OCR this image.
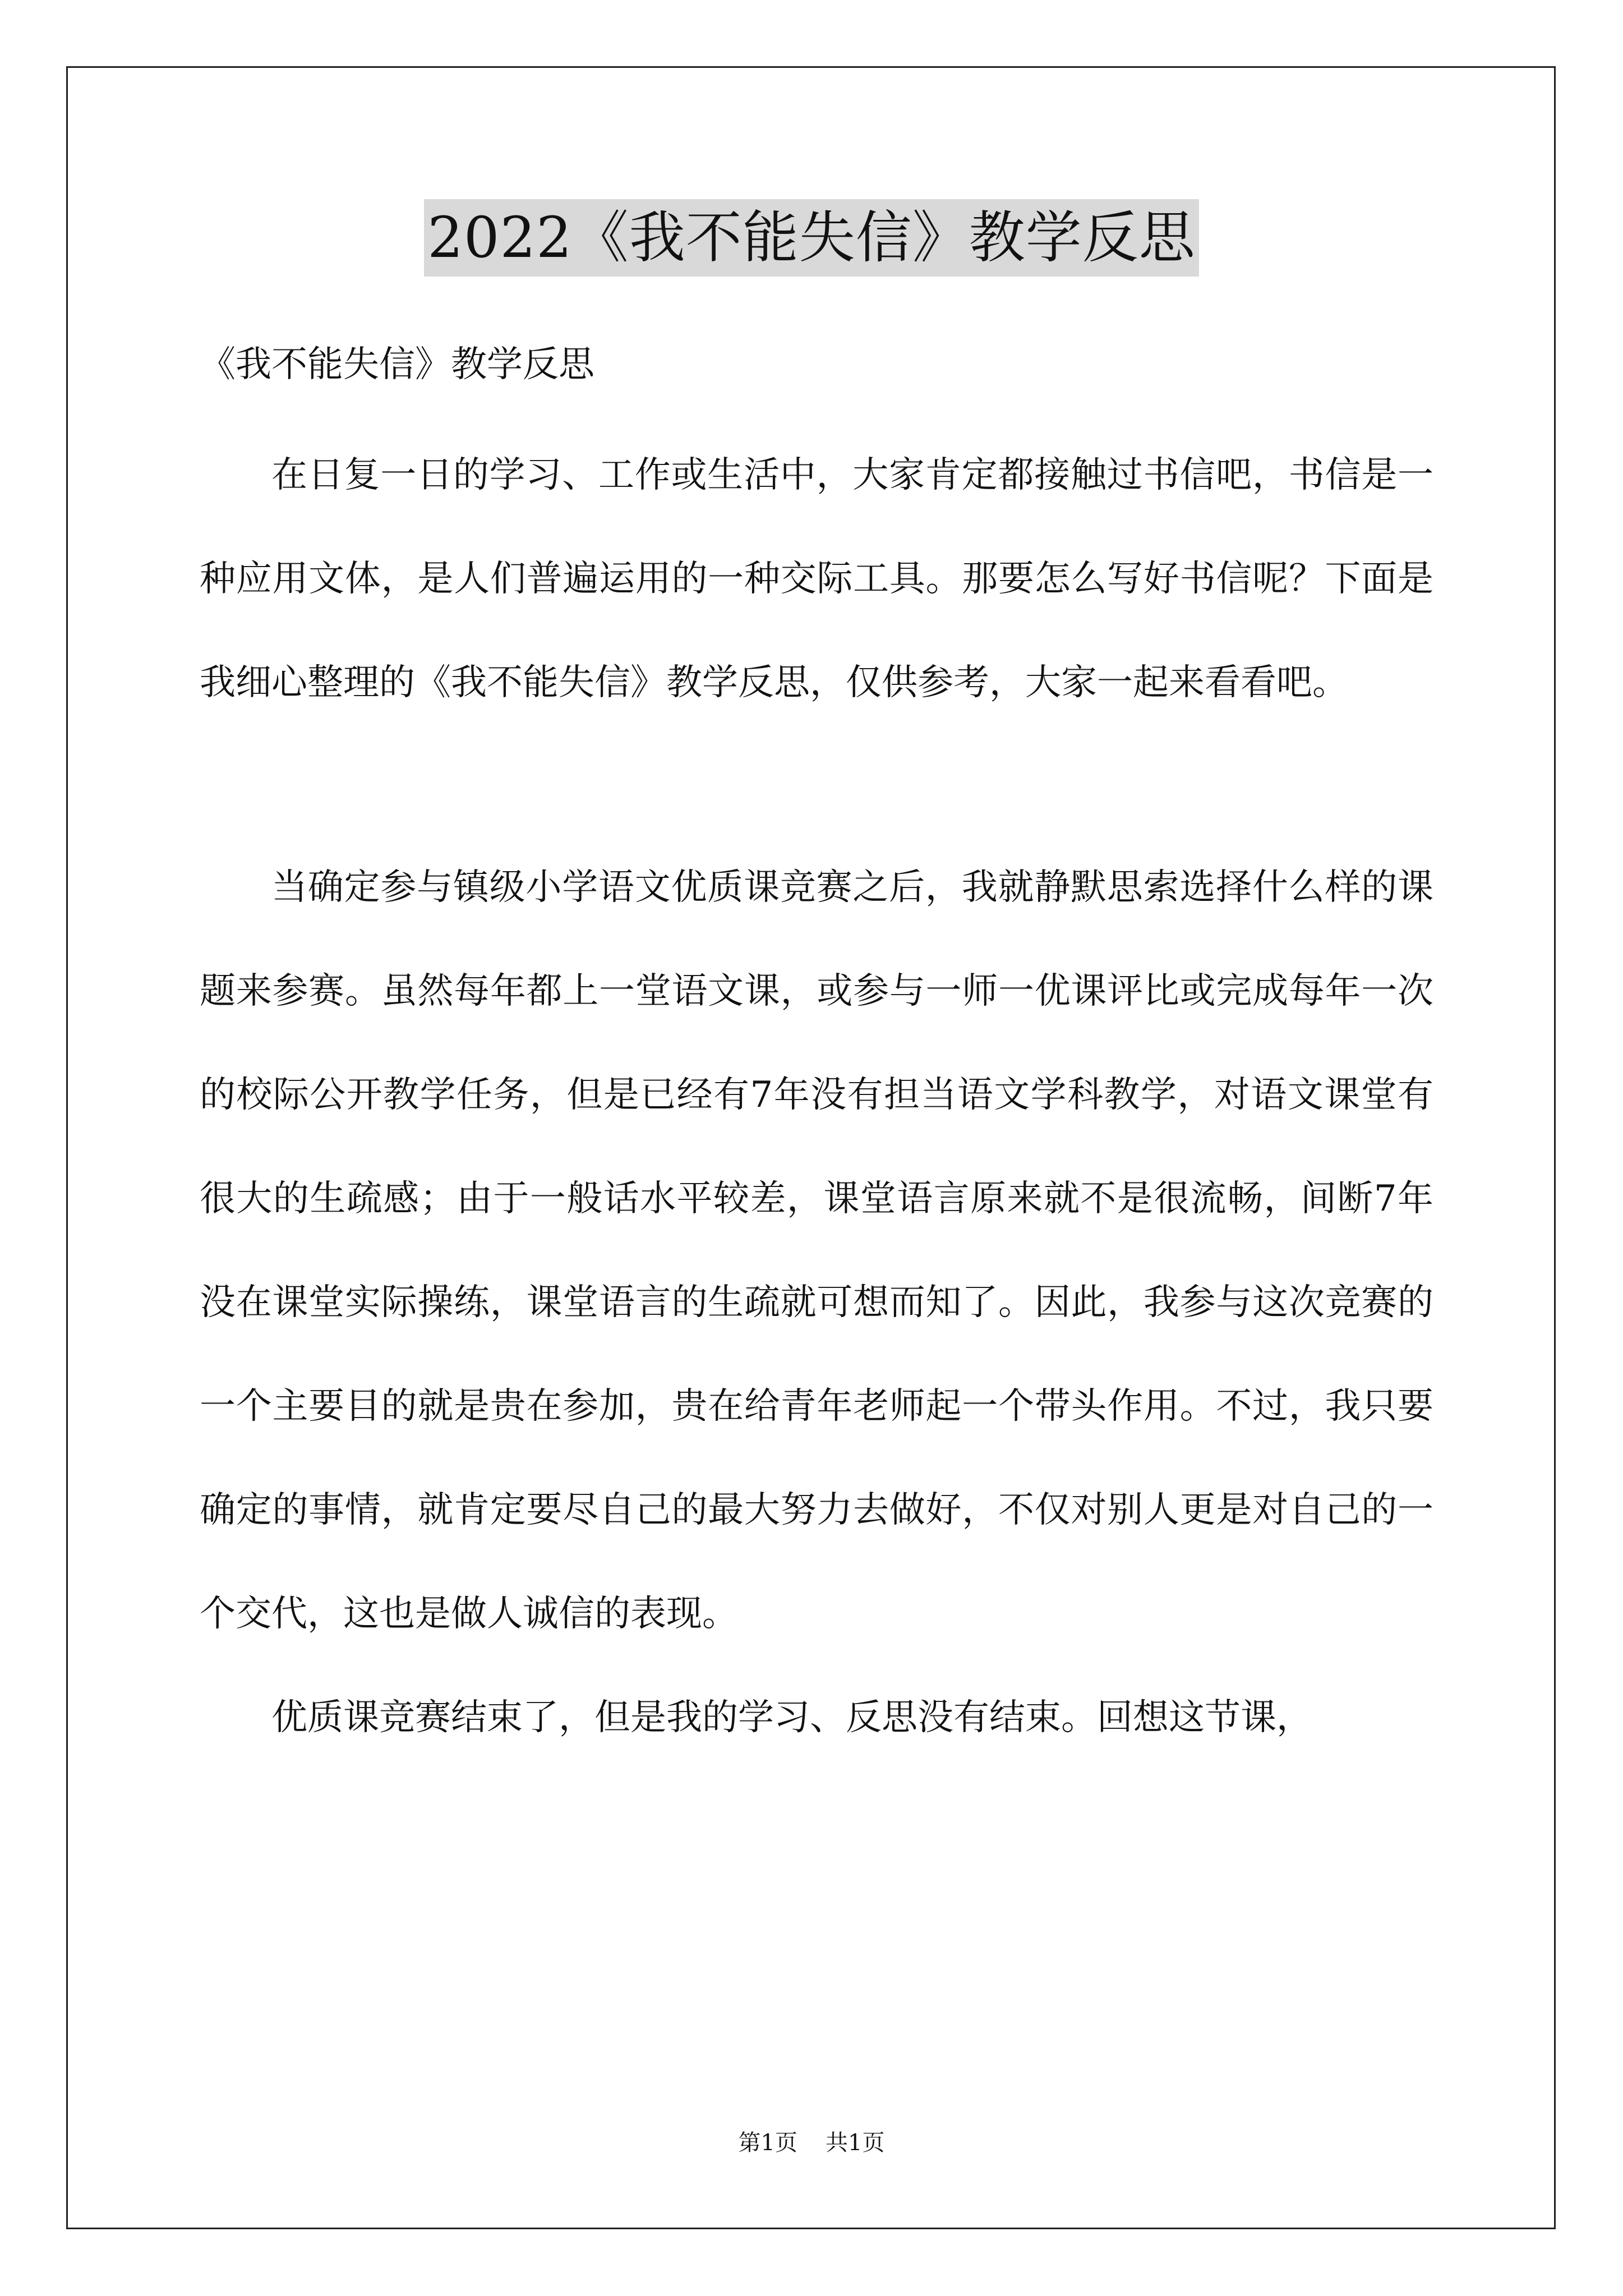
2022《我不能失信》教学反思

《我不能失信》教学反思

在日复一日的学习、工作或生活中，大家肯定都接触过书信吧，书信是一种应用文体，是人们普遍运用的一种交际工具。那要怎么写好书信呢？下面是我细心整理的《我不能失信》教学反思，仅供参考，大家一起来看看吧。

当确定参与镇级小学语文优质课竞赛之后，我就静默思索选择什么样的课题来参赛。虽然每年都上一堂语文课，或参与一师一优课评比或完成每年一次的校际公开教学任务，但是已经有7年没有担当语文学科教学，对语文课堂有很大的生疏感；由于一般话水平较差，课堂语言原来就不是很流畅，间断7年没在课堂实际操练，课堂语言的生疏就可想而知了。因此，我参与这次竞赛的一个主要目的就是贵在参加，贵在给青年老师起一个带头作用。不过，我只要确定的事情，就肯定要尽自己的最大努力去做好，不仅对别人更是对自己的一个交代，这也是做人诚信的表现。

优质课竞赛结束了，但是我的学习、反思没有结束。回想这节课，

第1页 共1页
